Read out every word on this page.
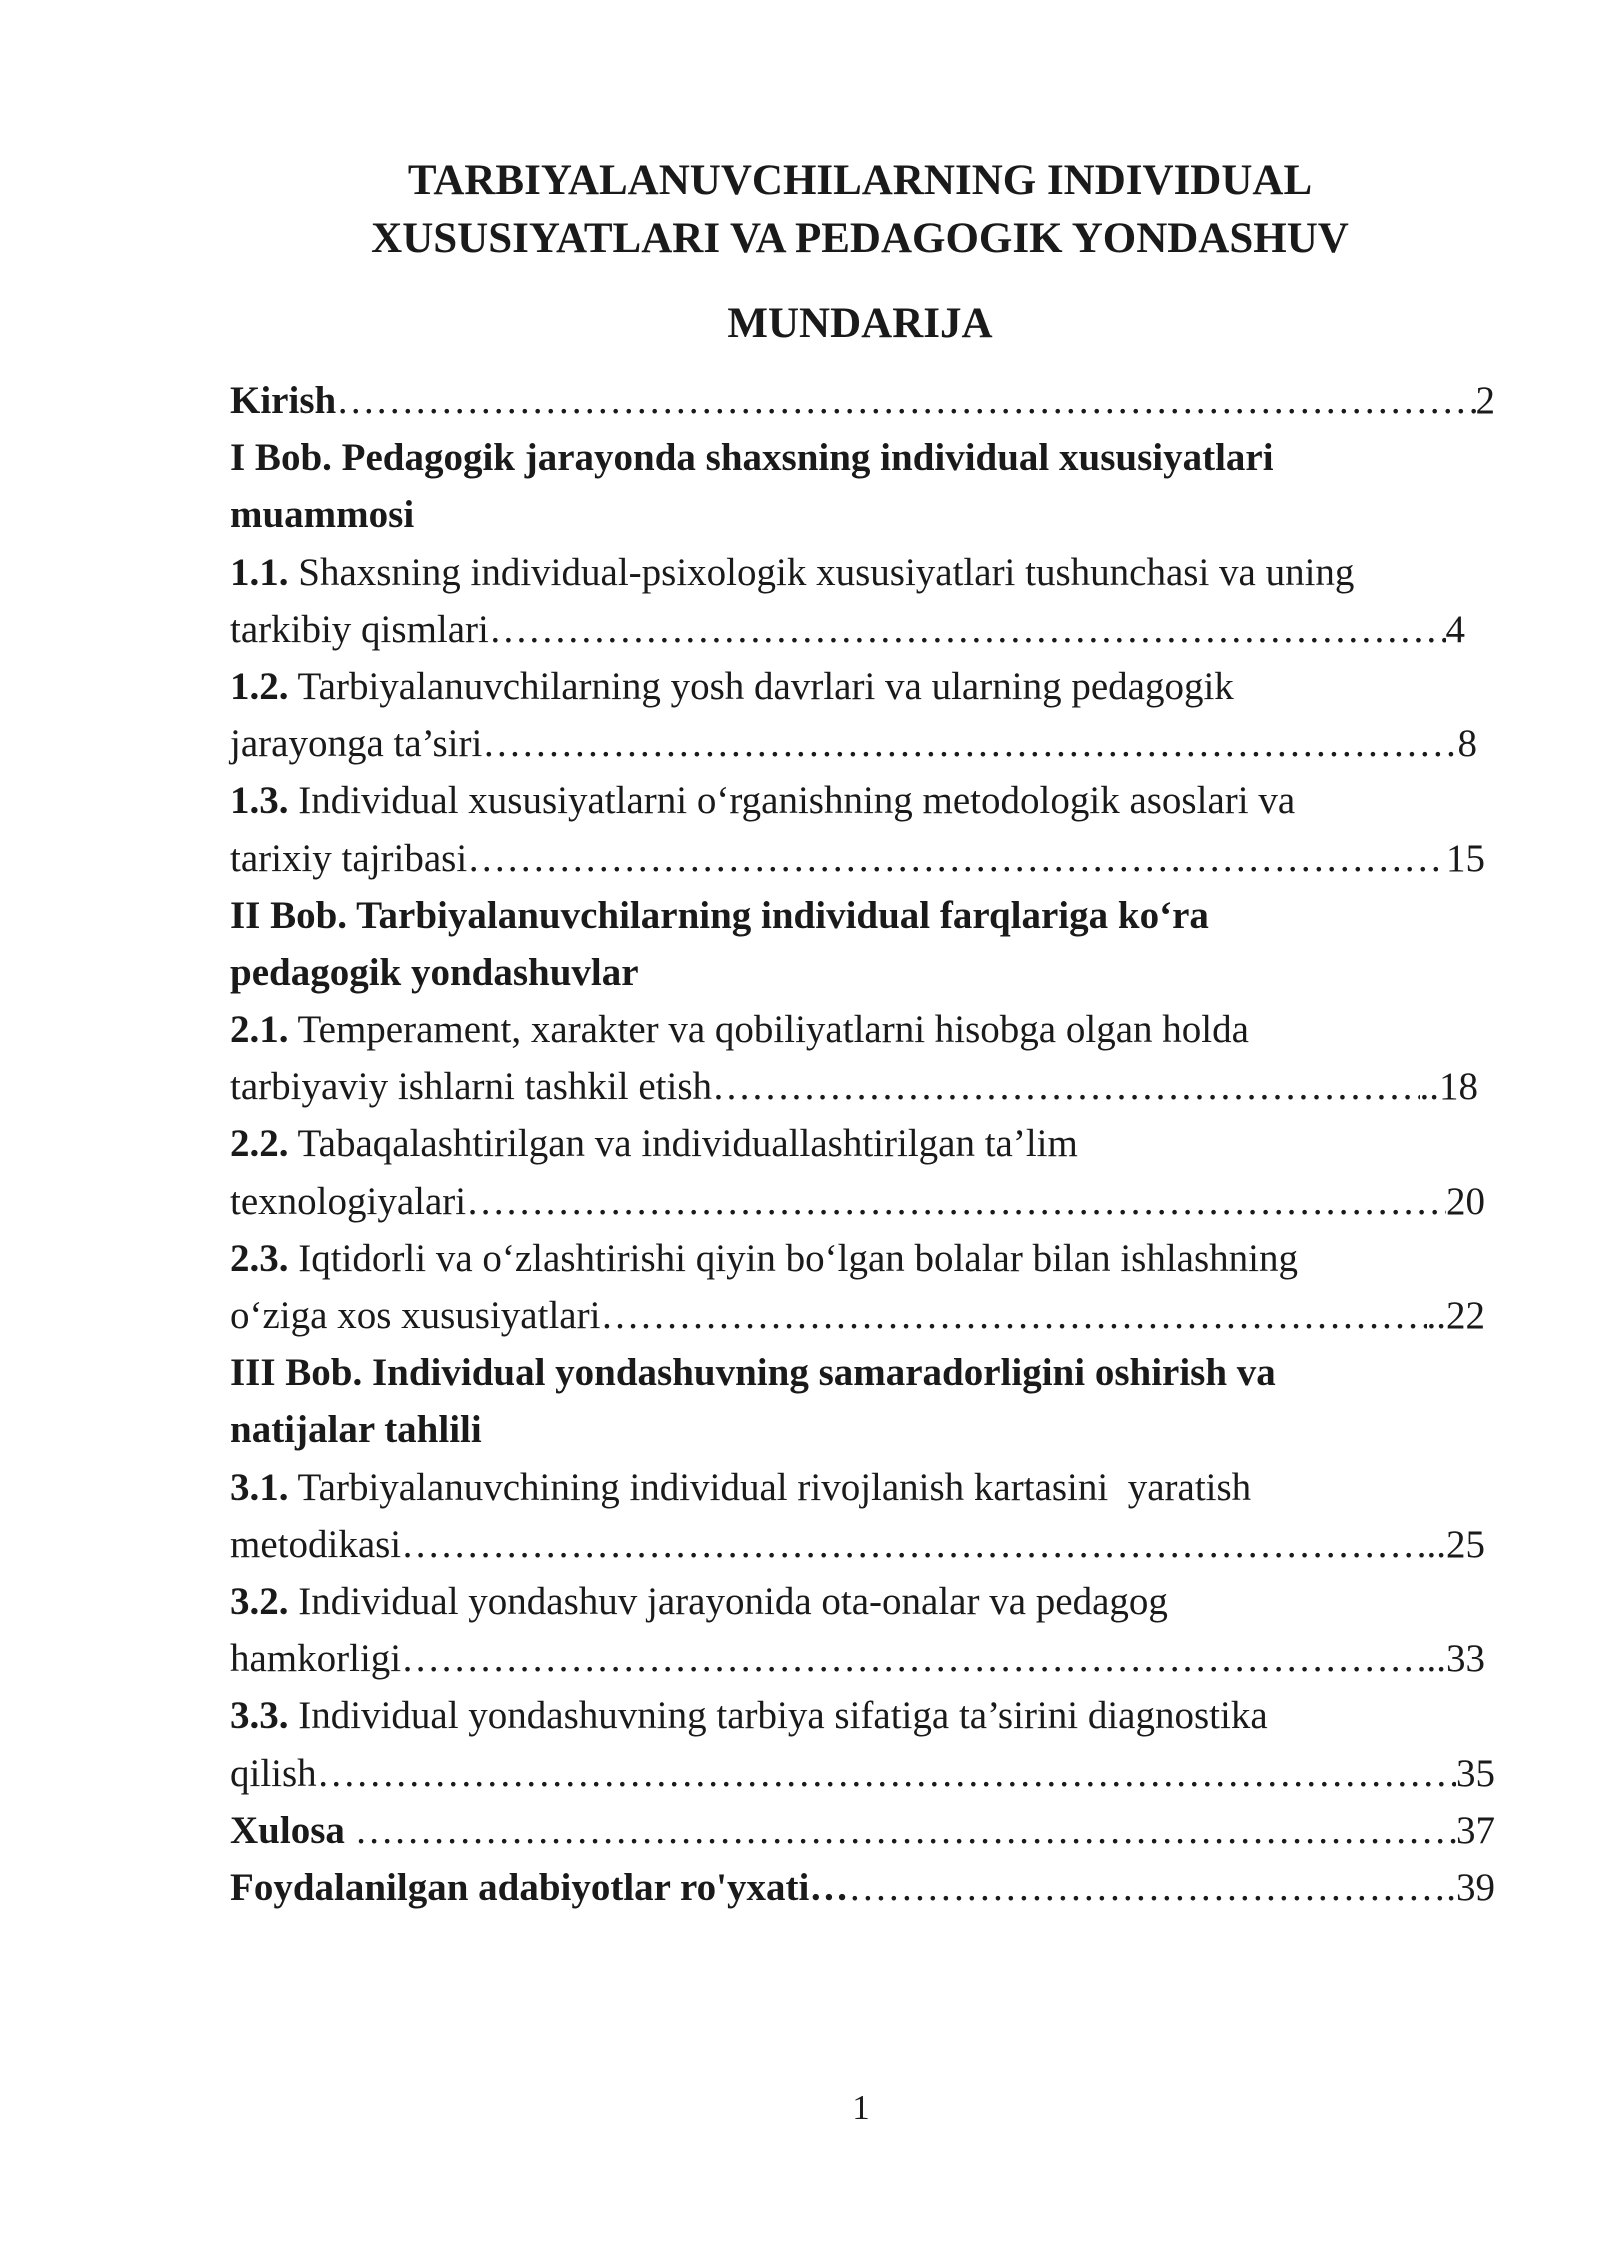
TARBIYALANUVCHILARNING INDIVIDUAL
XUSUSIYATLARI VA PEDAGOGIK YONDASHUV
MUNDARIJA
Kirish ………………………………………………………………………………………………………………………………………………………………	2
I Bob. Pedagogik jarayonda shaxsning individual xususiyatlari
muammosi
1.1. Shaxsning individual-psixologik xususiyatlari tushunchasi va uning
tarkibiy qismlari ………………………………………………………………………………………………………………………………………………………………	4
1.2. Tarbiyalanuvchilarning yosh davrlari va ularning pedagogik
jarayonga ta’siri ………………………………………………………………………………………………………………………………………………………………	8
1.3. Individual xususiyatlarni o‘rganishning metodologik asoslari va
tarixiy tajribasi ………………………………………………………………………………………………………………………………………………………………	15
II Bob. Tarbiyalanuvchilarning individual farqlariga ko‘ra
pedagogik yondashuvlar
2.1. Temperament, xarakter va qobiliyatlarni hisobga olgan holda
tarbiyaviy ishlarni tashkil etish ………………………………………………………………………………………………………………………………………………………………	..18
2.2. Tabaqalashtirilgan va individuallashtirilgan ta’lim
texnologiyalari ………………………………………………………………………………………………………………………………………………………………	20
2.3. Iqtidorli va o‘zlashtirishi qiyin bo‘lgan bolalar bilan ishlashning
o‘ziga xos xususiyatlari ………………………………………………………………………………………………………………………………………………………………	..22
III Bob. Individual yondashuvning samaradorligini oshirish va
natijalar tahlili
3.1. Tarbiyalanuvchining individual rivojlanish kartasini  yaratish
metodikasi ………………………………………………………………………………………………………………………………………………………………	..25
3.2. Individual yondashuv jarayonida ota-onalar va pedagog
hamkorligi ………………………………………………………………………………………………………………………………………………………………	..33
3.3. Individual yondashuvning tarbiya sifatiga ta’sirini diagnostika
qilish ………………………………………………………………………………………………………………………………………………………………	35
Xulosa ………………………………………………………………………………………………………………………………………………………………	37
Foydalanilgan adabiyotlar ro'yxati … ………………………………………………………………………………………………………………………………………………………………	.39
1
